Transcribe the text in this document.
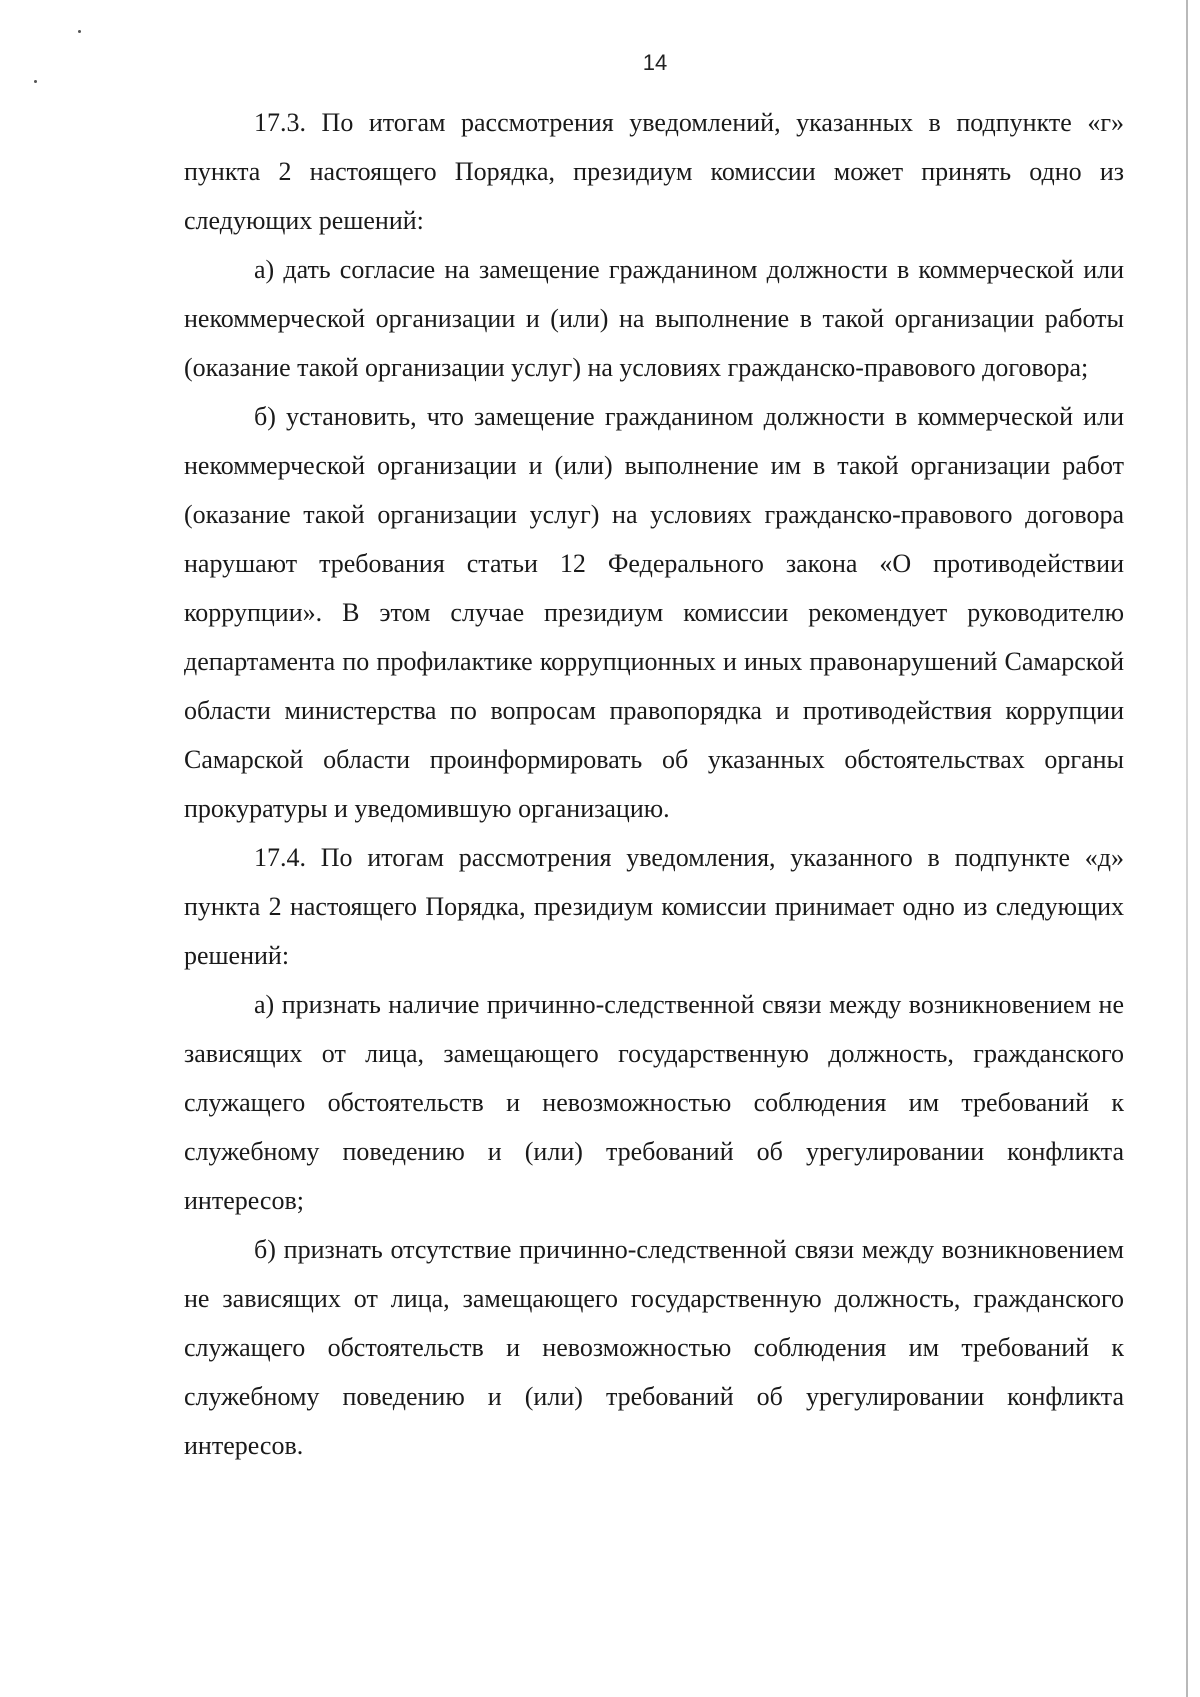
14

17.3. По итогам рассмотрения уведомлений, указанных в подпункте «г» пункта 2 настоящего Порядка, президиум комиссии может принять одно из следующих решений:

а) дать согласие на замещение гражданином должности в коммерческой или некоммерческой организации и (или) на выполнение в такой организации работы (оказание такой организации услуг) на условиях гражданско-правового договора;

б) установить, что замещение гражданином должности в коммерческой или некоммерческой организации и (или) выполнение им в такой организации работ (оказание такой организации услуг) на условиях гражданско-правового договора нарушают требования статьи 12 Федерального закона «О противодействии коррупции». В этом случае президиум комиссии рекомендует руководителю департамента по профилактике коррупционных и иных правонарушений Самарской области министерства по вопросам правопорядка и противодействия коррупции Самарской области проинформировать об указанных обстоятельствах органы прокуратуры и уведомившую организацию.

17.4. По итогам рассмотрения уведомления, указанного в подпункте «д» пункта 2 настоящего Порядка, президиум комиссии принимает одно из следующих решений:

а) признать наличие причинно-следственной связи между возникновением не зависящих от лица, замещающего государственную должность, гражданского служащего обстоятельств и невозможностью соблюдения им требований к служебному поведению и (или) требований об урегулировании конфликта интересов;

б) признать отсутствие причинно-следственной связи между возникновением не зависящих от лица, замещающего государственную должность, гражданского служащего обстоятельств и невозможностью соблюдения им требований к служебному поведению и (или) требований об урегулировании конфликта интересов.
